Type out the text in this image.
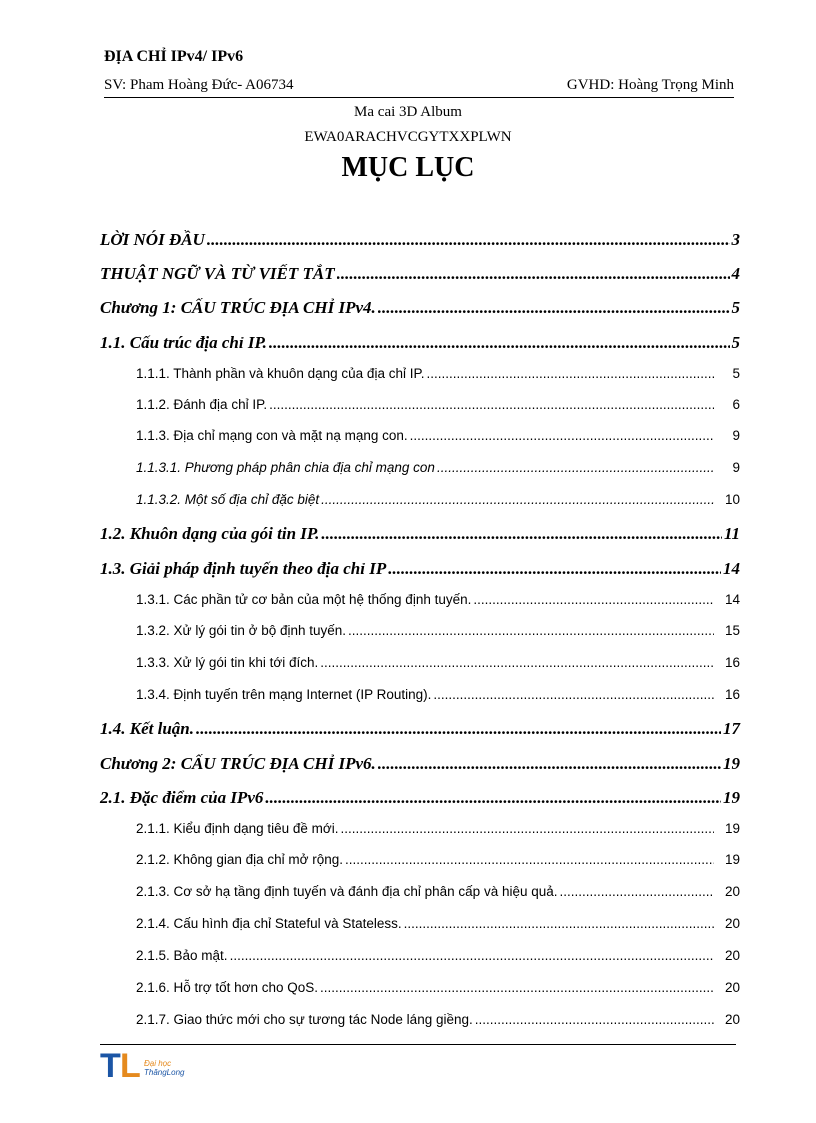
ĐỊA CHỈ IPv4/ IPv6
SV: Pham Hoàng Đức- A06734	GVHD: Hoàng Trọng Minh
Ma cai 3D Album
EWA0ARACHVCGYTXXPLWN
MỤC LỤC
LỜI NÓI ĐẦU .....	3
THUẬT NGỮ VÀ TỪ VIẾT TẮT .....	4
Chương 1: CẤU TRÚC ĐỊA CHỈ IPv4. .....	5
1.1. Cấu trúc địa chỉ IP. .....	5
1.1.1. Thành phần và khuôn dạng của địa chỉ IP. .....	5
1.1.2. Đánh địa chỉ IP. .....	6
1.1.3. Địa chỉ mạng con và mặt nạ mạng con. .....	9
1.1.3.1. Phương pháp phân chia địa chỉ mạng con .....	9
1.1.3.2. Một số địa chỉ đặc biệt .....	10
1.2. Khuôn dạng của gói tin IP. .....	11
1.3. Giải pháp định tuyến theo địa chỉ IP .....	14
1.3.1. Các phần tử cơ bản của một hệ thống định tuyến. .....	14
1.3.2. Xử lý gói tin ở bộ định tuyến. .....	15
1.3.3. Xử lý gói tin khi tới đích. .....	16
1.3.4. Định tuyến trên mạng Internet (IP Routing). .....	16
1.4. Kết luận. .....	17
Chương 2: CẤU TRÚC ĐỊA CHỈ IPv6. .....	19
2.1. Đặc điểm của IPv6 .....	19
2.1.1. Kiểu định dạng tiêu đề mới. .....	19
2.1.2. Không gian địa chỉ mở rộng. .....	19
2.1.3. Cơ sở hạ tầng định tuyến và đánh địa chỉ phân cấp và hiệu quả. .....	20
2.1.4. Cấu hình địa chỉ Stateful và Stateless. .....	20
2.1.5. Bảo mật. .....	20
2.1.6. Hỗ trợ tốt hơn cho QoS. .....	20
2.1.7. Giao thức mới cho sự tương tác Node láng giềng. .....	20
T L Đại học
ThăngLong
